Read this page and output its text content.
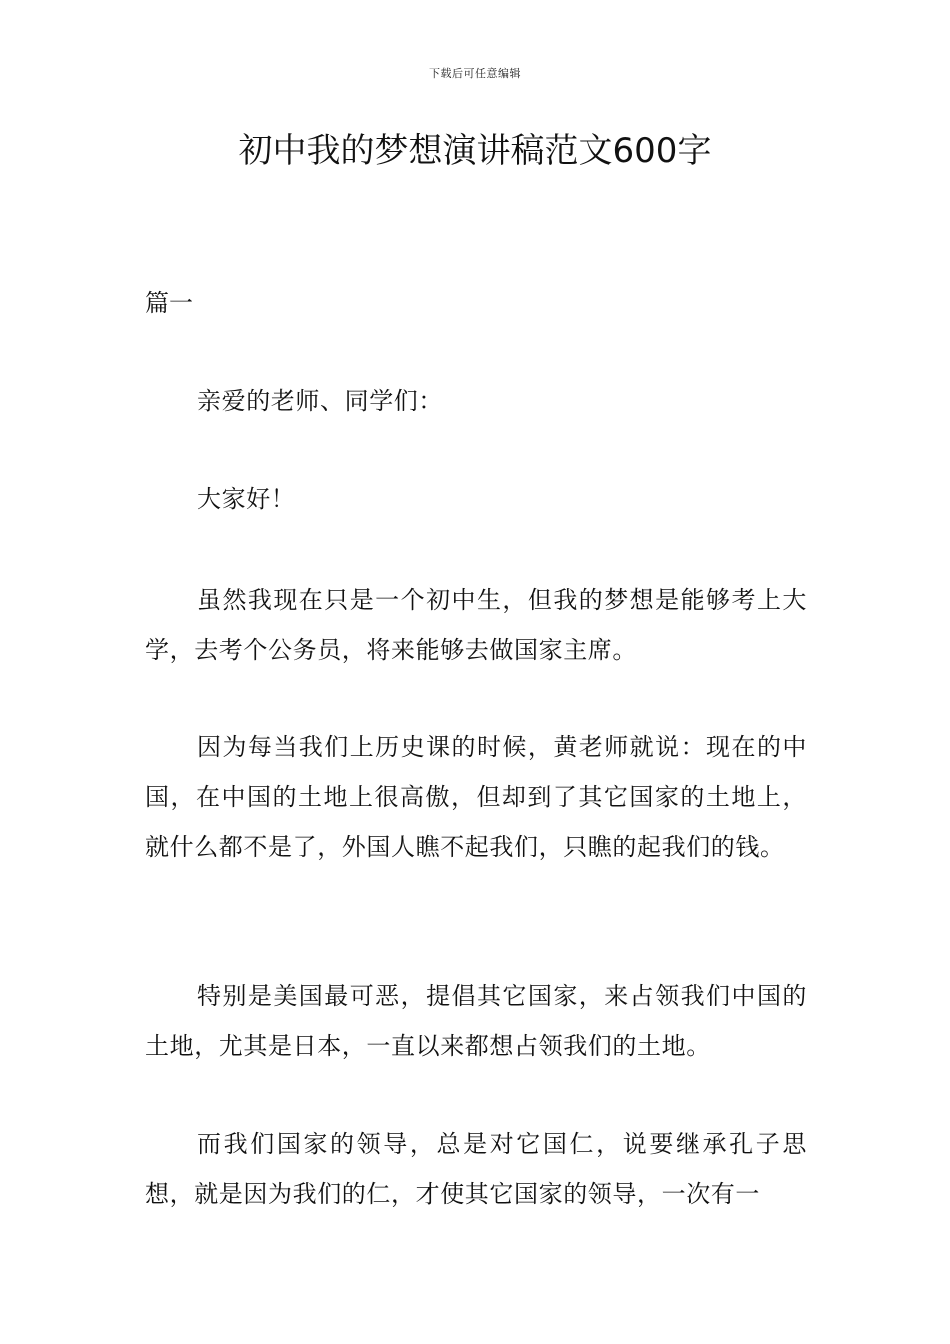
下载后可任意编辑
初中我的梦想演讲稿范文600字

篇一

亲爱的老师、同学们：

大家好！

虽然我现在只是一个初中生，但我的梦想是能够考上大学，去考个公务员，将来能够去做国家主席。

因为每当我们上历史课的时候，黄老师就说：现在的中国，在中国的土地上很高傲，但却到了其它国家的土地上，就什么都不是了，外国人瞧不起我们，只瞧的起我们的钱。

特别是美国最可恶，提倡其它国家，来占领我们中国的土地，尤其是日本，一直以来都想占领我们的土地。

而我们国家的领导，总是对它国仁，说要继承孔子思想，就是因为我们的仁，才使其它国家的领导，一次有一
